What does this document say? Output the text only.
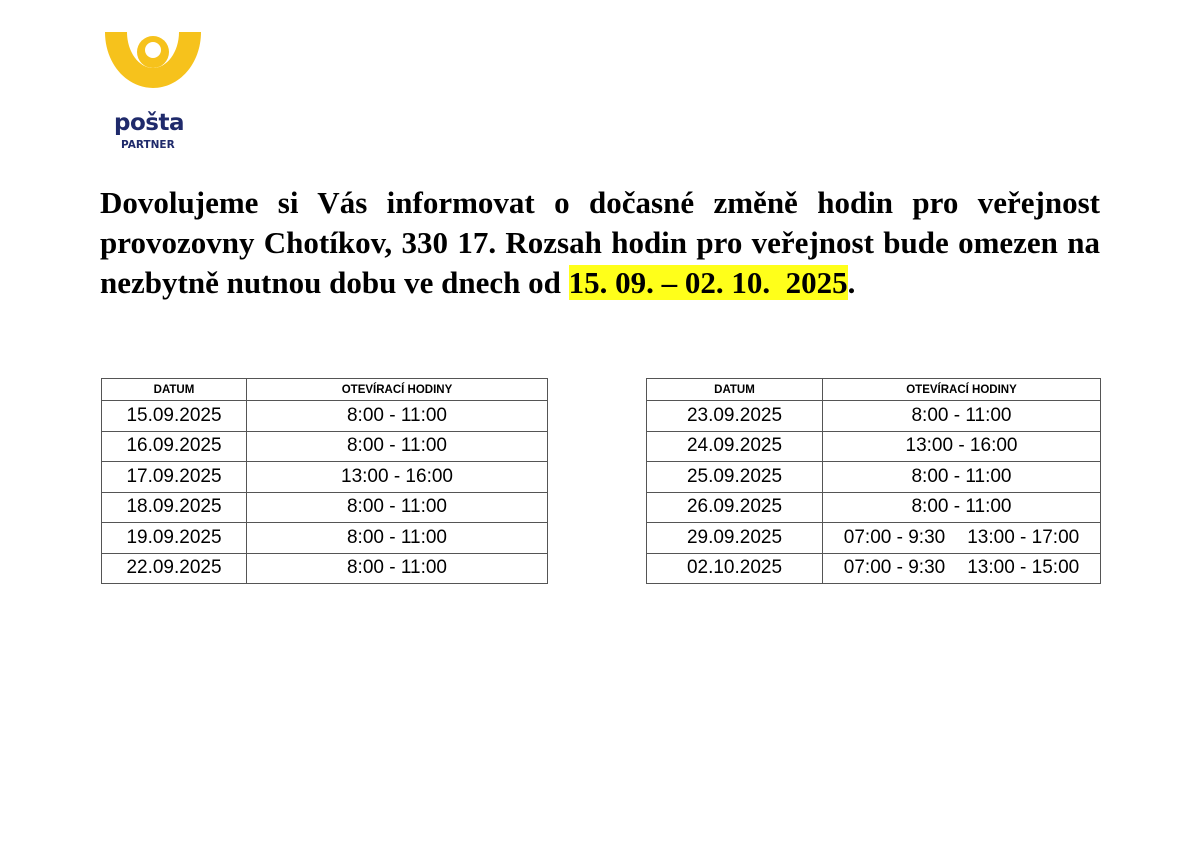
pošta
PARTNER
Dovolujeme si Vás informovat o dočasné změně hodin pro veřejnost provozovny Chotíkov, 330 17. Rozsah hodin pro veřejnost bude omezen na nezbytně nutnou dobu ve dnech od 15. 09. – 02. 10.  2025.
DATUM	OTEVÍRACÍ HODINY
15.09.2025	8:00 - 11:00
16.09.2025	8:00 - 11:00
17.09.2025	13:00 - 16:00
18.09.2025	8:00 - 11:00
19.09.2025	8:00 - 11:00
22.09.2025	8:00 - 11:00
DATUM	OTEVÍRACÍ HODINY
23.09.2025	8:00 - 11:00
24.09.2025	13:00 - 16:00
25.09.2025	8:00 - 11:00
26.09.2025	8:00 - 11:00
29.09.2025	07:00 - 9:30 13:00 - 17:00
02.10.2025	07:00 - 9:30 13:00 - 15:00
